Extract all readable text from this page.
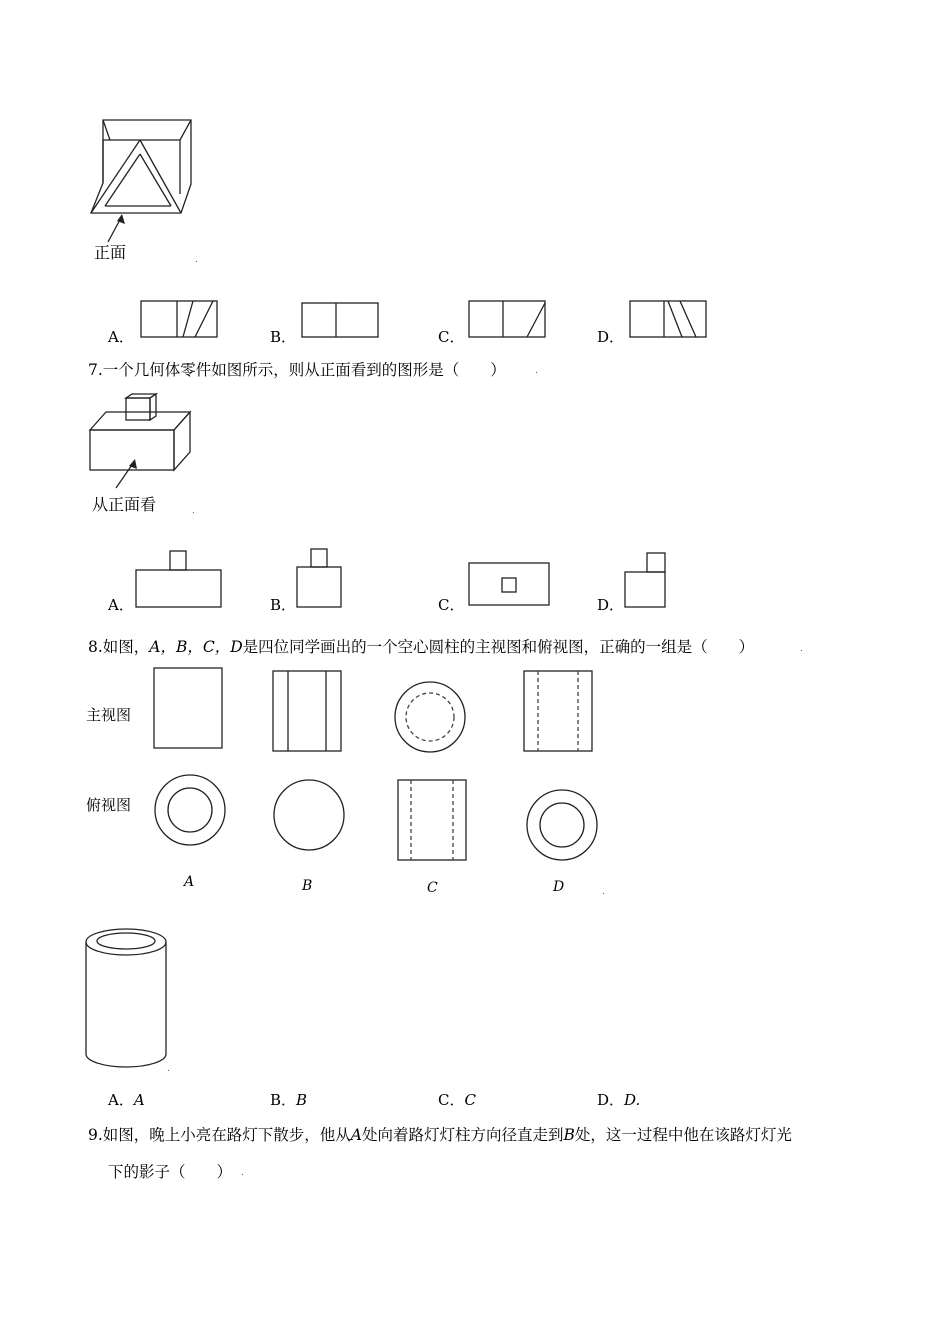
正面	.
A．	B．	C．	D．
7.一个几何体零件如图所示，则从正面看到的图形是（　　）	.
从正面看	.
A．	B．	C．	D．
8.如图，A，B，C，D是四位同学画出的一个空心圆柱的主视图和俯视图，正确的一组是（　　）	.
主视图
俯视图
A	B	C	D	.
.
A．A	B．B	C．C	D．D.
9.如图，晚上小亮在路灯下散步，他从A处向着路灯灯柱方向径直走到B处，这一过程中他在该路灯灯光
下的影子（　　） .
